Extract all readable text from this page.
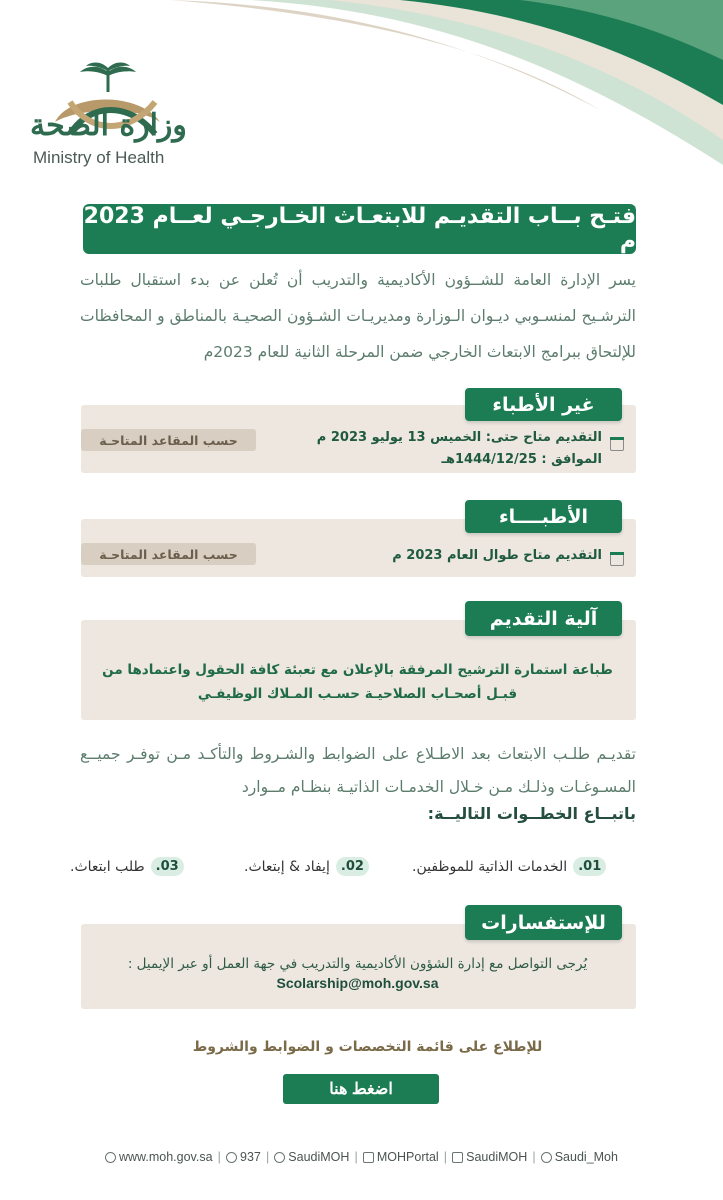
وزارة الصحة
Ministry of Health
فتـح بــاب التقديـم للابتعـاث الخـارجـي لعــام 2023 م
يسر الإدارة العامة للشــؤون الأكاديمية والتدريب أن تُعلن عن بدء استقبال طلبات الترشـيح لمنسـوبي ديـوان الـوزارة ومديريـات الشـؤون الصحيـة بالمناطق و المحافظات للإلتحاق ببرامج الابتعاث الخارجي ضمن المرحلة الثانية للعام 2023م
غير الأطباء
التقديم متاح حتى: الخميس 13 يوليو 2023 م
الموافق : 1444/12/25هـ
حسب المقاعد المتاحـة
الأطبــــاء
التقديم متاح طوال العام 2023 م
حسب المقاعد المتاحـة
آلية التقديم
طباعة استمارة الترشيح المرفقة بالإعلان مع تعبئة كافة الحقول واعتمادها من قبـل أصحـاب الصلاحيـة حسـب المـلاك الوظيفـي
تقديـم طلـب الابتعاث بعد الاطـلاع على الضوابط والشـروط والتأكـد مـن توفـر جميــع المسـوغـات وذلـك مـن خـلال الخدمـات الذاتيـة بنظـام مــوارد
باتبــاع الخطــوات التاليــة:
01.
الخدمات الذاتية للموظفين.
02.
إيفاد & إبتعاث.
03.
طلب ابتعاث.
للإستفسارات
يُرجى التواصل مع إدارة الشؤون الأكاديمية والتدريب في جهة العمل أو عبر الإيميل :
Scolarship@moh.gov.sa
للإطلاع على قائمة التخصصات و الضوابط والشروط
اضغط هنا
www.moh.gov.sa | 937 | SaudiMOH | MOHPortal | SaudiMOH | Saudi_Moh
